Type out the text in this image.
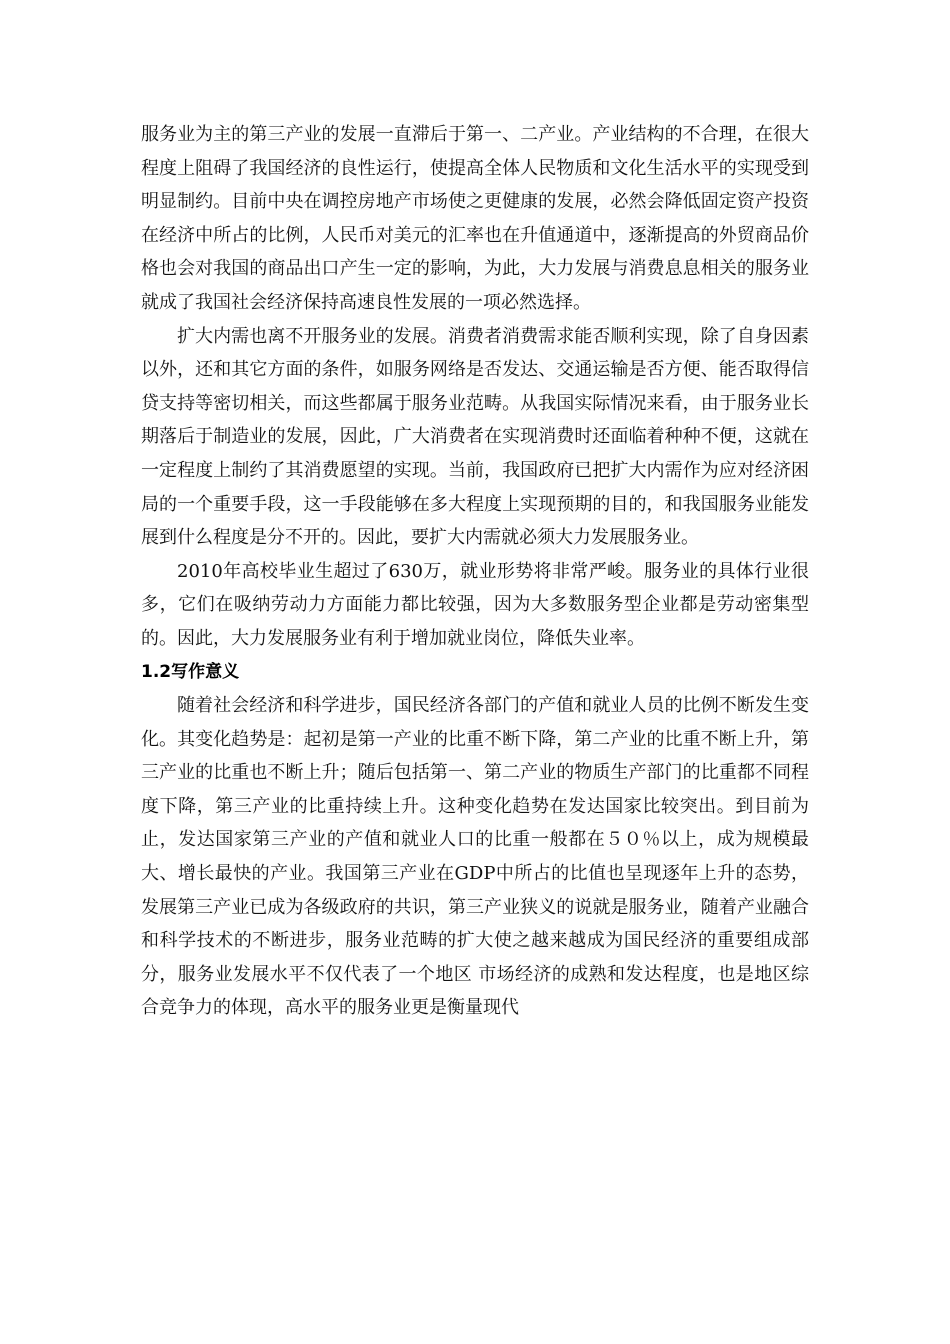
服务业为主的第三产业的发展一直滞后于第一、二产业。产业结构的不合理，在很大程度上阻碍了我国经济的良性运行，使提高全体人民物质和文化生活水平的实现受到明显制约。目前中央在调控房地产市场使之更健康的发展，必然会降低固定资产投资在经济中所占的比例，人民币对美元的汇率也在升值通道中，逐渐提高的外贸商品价格也会对我国的商品出口产生一定的影响，为此，大力发展与消费息息相关的服务业就成了我国社会经济保持高速良性发展的一项必然选择。

扩大内需也离不开服务业的发展。消费者消费需求能否顺利实现，除了自身因素以外，还和其它方面的条件，如服务网络是否发达、交通运输是否方便、能否取得信贷支持等密切相关，而这些都属于服务业范畴。从我国实际情况来看，由于服务业长期落后于制造业的发展，因此，广大消费者在实现消费时还面临着种种不便，这就在一定程度上制约了其消费愿望的实现。当前，我国政府已把扩大内需作为应对经济困局的一个重要手段，这一手段能够在多大程度上实现预期的目的，和我国服务业能发展到什么程度是分不开的。因此，要扩大内需就必须大力发展服务业。

2010年高校毕业生超过了630万，就业形势将非常严峻。服务业的具体行业很多，它们在吸纳劳动力方面能力都比较强，因为大多数服务型企业都是劳动密集型的。因此，大力发展服务业有利于增加就业岗位，降低失业率。

1.2写作意义

随着社会经济和科学进步，国民经济各部门的产值和就业人员的比例不断发生变化。其变化趋势是：起初是第一产业的比重不断下降，第二产业的比重不断上升，第三产业的比重也不断上升；随后包括第一、第二产业的物质生产部门的比重都不同程度下降，第三产业的比重持续上升。这种变化趋势在发达国家比较突出。到目前为止，发达国家第三产业的产值和就业人口的比重一般都在５０％以上，成为规模最大、增长最快的产业。我国第三产业在GDP中所占的比值也呈现逐年上升的态势，发展第三产业已成为各级政府的共识，第三产业狭义的说就是服务业，随着产业融合和科学技术的不断进步，服务业范畴的扩大使之越来越成为国民经济的重要组成部分，服务业发展水平不仅代表了一个地区 市场经济的成熟和发达程度，也是地区综合竞争力的体现，高水平的服务业更是衡量现代
